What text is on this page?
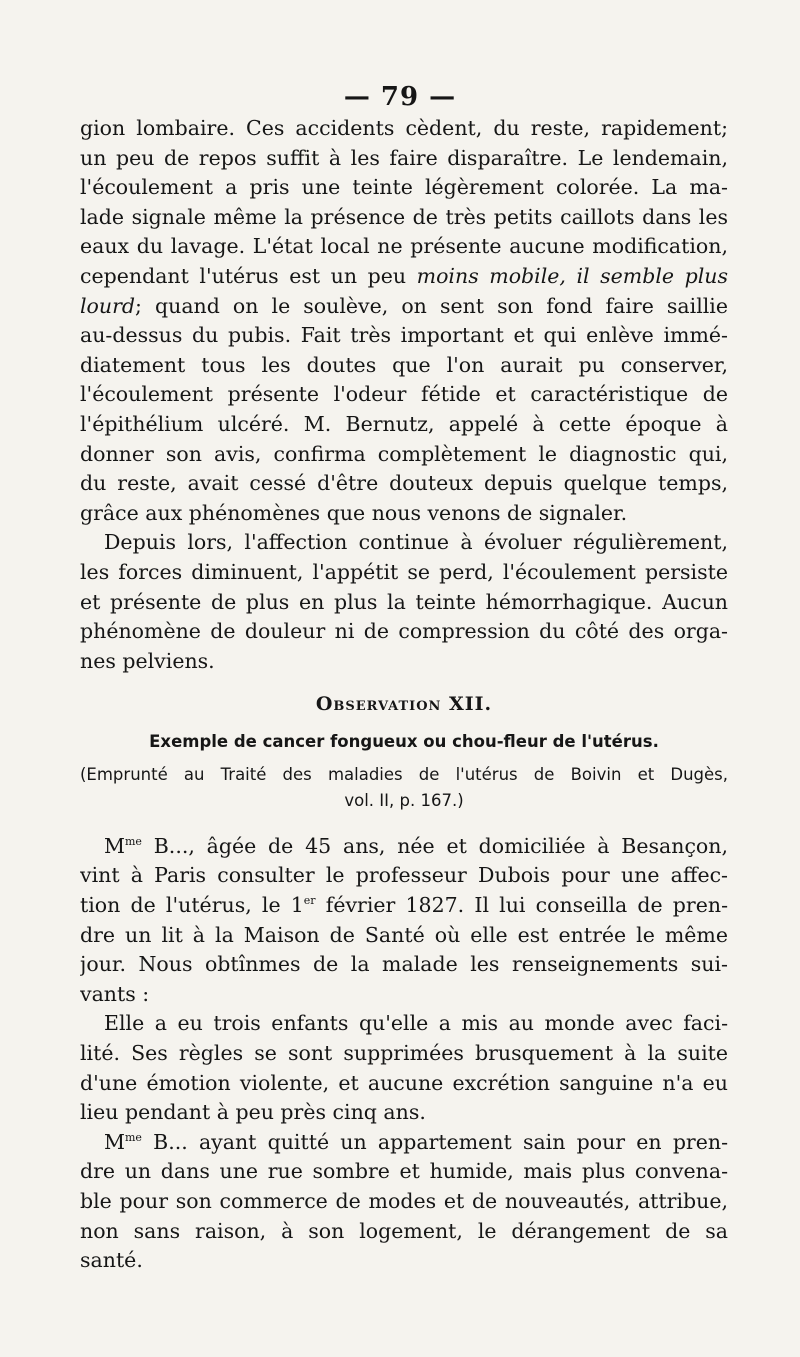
— 79 —
gion lombaire. Ces accidents cèdent, du reste, rapidement;
un peu de repos suffit à les faire disparaître. Le lendemain,
l'écoulement a pris une teinte légèrement colorée. La ma-
lade signale même la présence de très petits caillots dans les
eaux du lavage. L'état local ne présente aucune modification,
cependant l'utérus est un peu moins mobile, il semble plus
lourd; quand on le soulève, on sent son fond faire saillie
au-dessus du pubis. Fait très important et qui enlève immé-
diatement tous les doutes que l'on aurait pu conserver,
l'écoulement présente l'odeur fétide et caractéristique de
l'épithélium ulcéré. M. Bernutz, appelé à cette époque à
donner son avis, confirma complètement le diagnostic qui,
du reste, avait cessé d'être douteux depuis quelque temps,
grâce aux phénomènes que nous venons de signaler.
Depuis lors, l'affection continue à évoluer régulièrement,
les forces diminuent, l'appétit se perd, l'écoulement persiste
et présente de plus en plus la teinte hémorrhagique. Aucun
phénomène de douleur ni de compression du côté des orga-
nes pelviens.
Observation XII.
Exemple de cancer fongueux ou chou-fleur de l'utérus.
(Emprunté au Traité des maladies de l'utérus de Boivin et Dugès,
vol. II, p. 167.)
$M^{me}$ B..., âgée de 45 ans, née et domiciliée à Besançon,
vint à Paris consulter le professeur Dubois pour une affec-
tion de l'utérus, le 1er février 1827. Il lui conseilla de pren-
dre un lit à la Maison de Santé où elle est entrée le même
jour. Nous obtînmes de la malade les renseignements sui-
vants :
Elle a eu trois enfants qu'elle a mis au monde avec faci-
lité. Ses règles se sont supprimées brusquement à la suite
d'une émotion violente, et aucune excrétion sanguine n'a eu
lieu pendant à peu près cinq ans.
$M^{me}$ B... ayant quitté un appartement sain pour en pren-
dre un dans une rue sombre et humide, mais plus convena-
ble pour son commerce de modes et de nouveautés, attribue,
non sans raison, à son logement, le dérangement de sa
santé.
